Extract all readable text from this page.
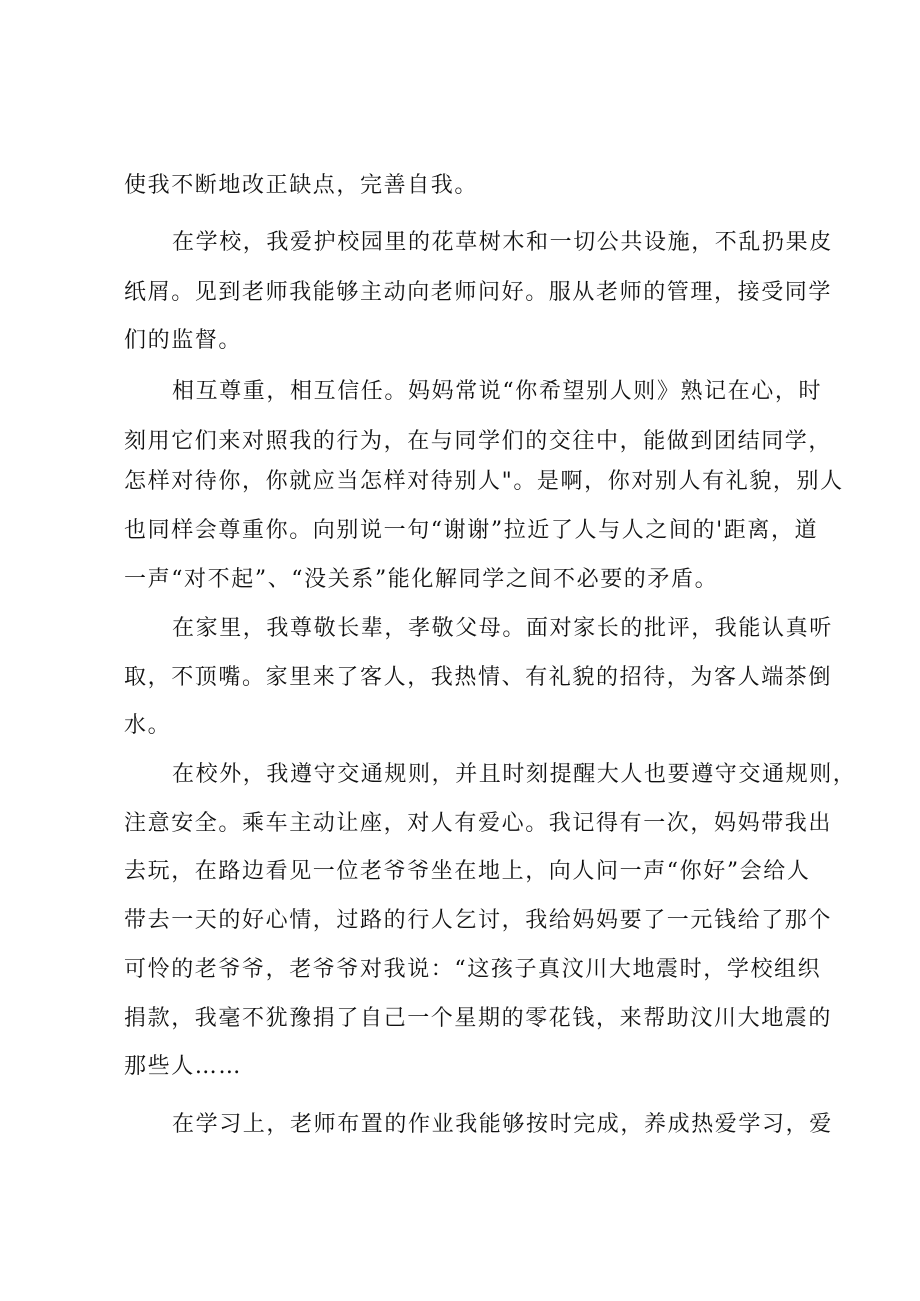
使我不断地改正缺点，完善自我。
在学校，我爱护校园里的花草树木和一切公共设施，不乱扔果皮
纸屑。见到老师我能够主动向老师问好。服从老师的管理，接受同学
们的监督。
相互尊重，相互信任。妈妈常说“你希望别人则》熟记在心，时
刻用它们来对照我的行为，在与同学们的交往中，能做到团结同学，
怎样对待你，你就应当怎样对待别人"。是啊，你对别人有礼貌，别人
也同样会尊重你。向别说一句“谢谢”拉近了人与人之间的'距离，道
一声“对不起”、“没关系”能化解同学之间不必要的矛盾。
在家里，我尊敬长辈，孝敬父母。面对家长的批评，我能认真听
取，不顶嘴。家里来了客人，我热情、有礼貌的招待，为客人端茶倒
水。
在校外，我遵守交通规则，并且时刻提醒大人也要遵守交通规则，
注意安全。乘车主动让座，对人有爱心。我记得有一次，妈妈带我出
去玩，在路边看见一位老爷爷坐在地上，向人问一声“你好”会给人
带去一天的好心情，过路的行人乞讨，我给妈妈要了一元钱给了那个
可怜的老爷爷，老爷爷对我说：“这孩子真汶川大地震时，学校组织
捐款，我毫不犹豫捐了自己一个星期的零花钱，来帮助汶川大地震的
那些人……
在学习上，老师布置的作业我能够按时完成，养成热爱学习，爱
